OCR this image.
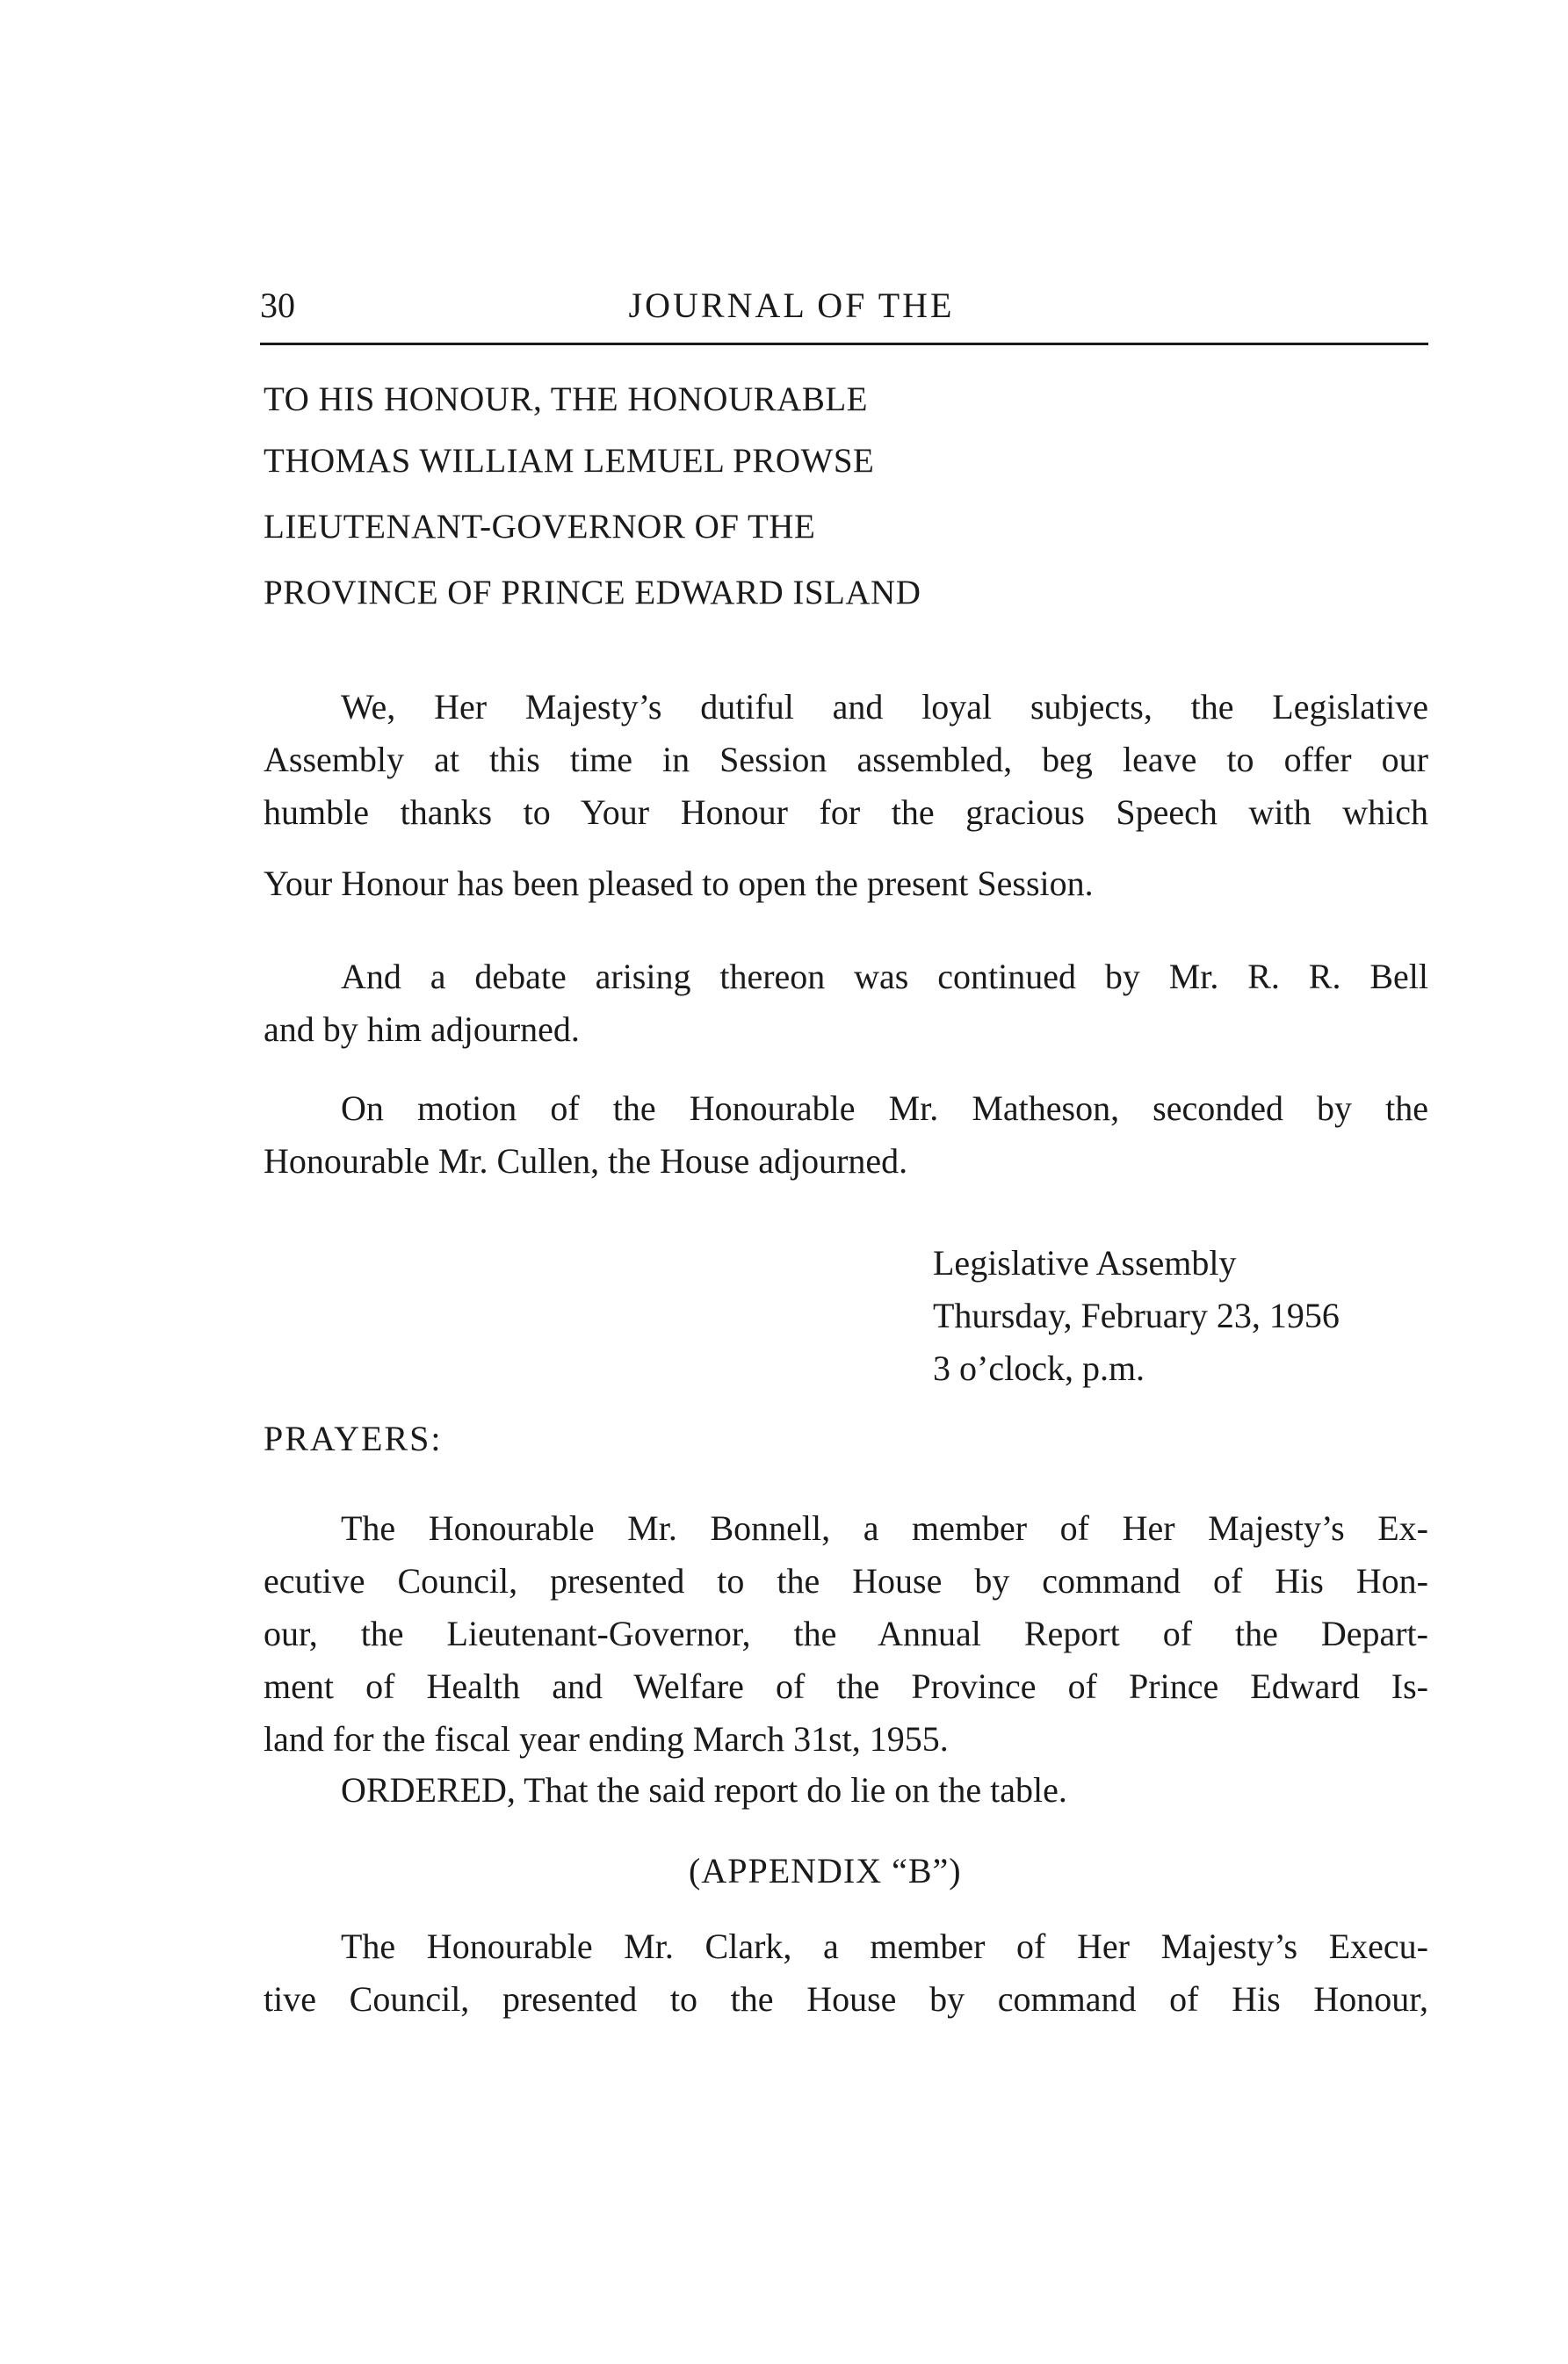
30	JOURNAL OF THE
TO HIS HONOUR, THE HONOURABLE
THOMAS WILLIAM LEMUEL PROWSE
LIEUTENANT-GOVERNOR OF THE
PROVINCE OF PRINCE EDWARD ISLAND
We, Her Majesty’s dutiful and loyal subjects, the Legislative
Assembly at this time in Session assembled, beg leave to offer our
humble thanks to Your Honour for the gracious Speech with which
Your Honour has been pleased to open the present Session.
And a debate arising thereon was continued by Mr. R. R. Bell
and by him adjourned.
On motion of the Honourable Mr. Matheson, seconded by the
Honourable Mr. Cullen, the House adjourned.
Legislative Assembly
Thursday, February 23, 1956
3 o’clock, p.m.
PRAYERS:
The Honourable Mr. Bonnell, a member of Her Majesty’s Ex-
ecutive Council, presented to the House by command of His Hon-
our, the Lieutenant-Governor, the Annual Report of the Depart-
ment of Health and Welfare of the Province of Prince Edward Is-
land for the fiscal year ending March 31st, 1955.
ORDERED, That the said report do lie on the table.
(APPENDIX “B”)
The Honourable Mr. Clark, a member of Her Majesty’s Execu-
tive Council, presented to the House by command of His Honour,
